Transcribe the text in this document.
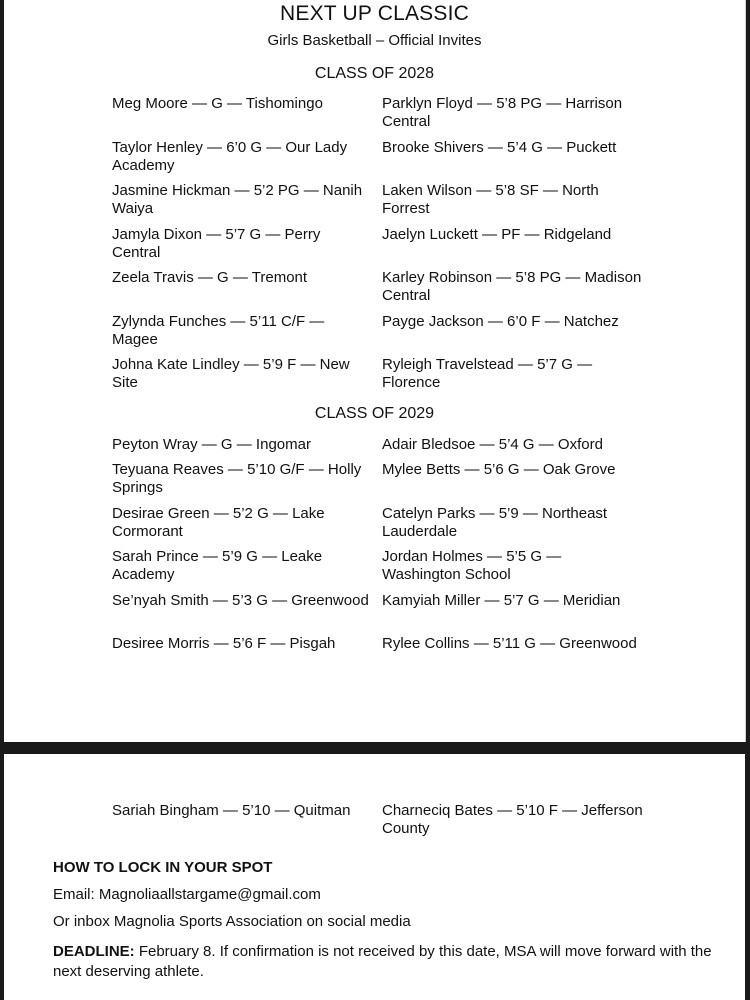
NEXT UP CLASSIC
Girls Basketball – Official Invites
CLASS OF 2028
Meg Moore — G — Tishomingo
Taylor Henley — 6’0 G — Our Lady Academy
Jasmine Hickman — 5’2 PG — Nanih Waiya
Jamyla Dixon — 5’7 G — Perry Central
Zeela Travis — G — Tremont
Zylynda Funches — 5’11 C/F — Magee
Johna Kate Lindley — 5’9 F — New Site
Parklyn Floyd — 5’8 PG — Harrison Central
Brooke Shivers — 5’4 G — Puckett
Laken Wilson — 5’8 SF — North Forrest
Jaelyn Luckett — PF — Ridgeland
Karley Robinson — 5’8 PG — Madison Central
Payge Jackson — 6’0 F — Natchez
Ryleigh Travelstead — 5’7 G — Florence
CLASS OF 2029
Peyton Wray — G — Ingomar
Teyuana Reaves — 5’10 G/F — Holly Springs
Desirae Green — 5’2 G — Lake Cormorant
Sarah Prince — 5’9 G — Leake Academy
Se’nyah Smith — 5’3 G — Greenwood
Desiree Morris — 5’6 F — Pisgah
Adair Bledsoe — 5’4 G — Oxford
Mylee Betts — 5’6 G — Oak Grove
Catelyn Parks — 5’9 — Northeast Lauderdale
Jordan Holmes — 5’5 G — Washington School
Kamyiah Miller — 5’7 G — Meridian
Rylee Collins — 5’11 G — Greenwood
Sariah Bingham — 5’10 — Quitman	Charneciq Bates — 5’10 F — Jefferson County
HOW TO LOCK IN YOUR SPOT
Email: Magnoliaallstargame@gmail.com
Or inbox Magnolia Sports Association on social media
DEADLINE: February 8. If confirmation is not received by this date, MSA will move forward with the next deserving athlete.
